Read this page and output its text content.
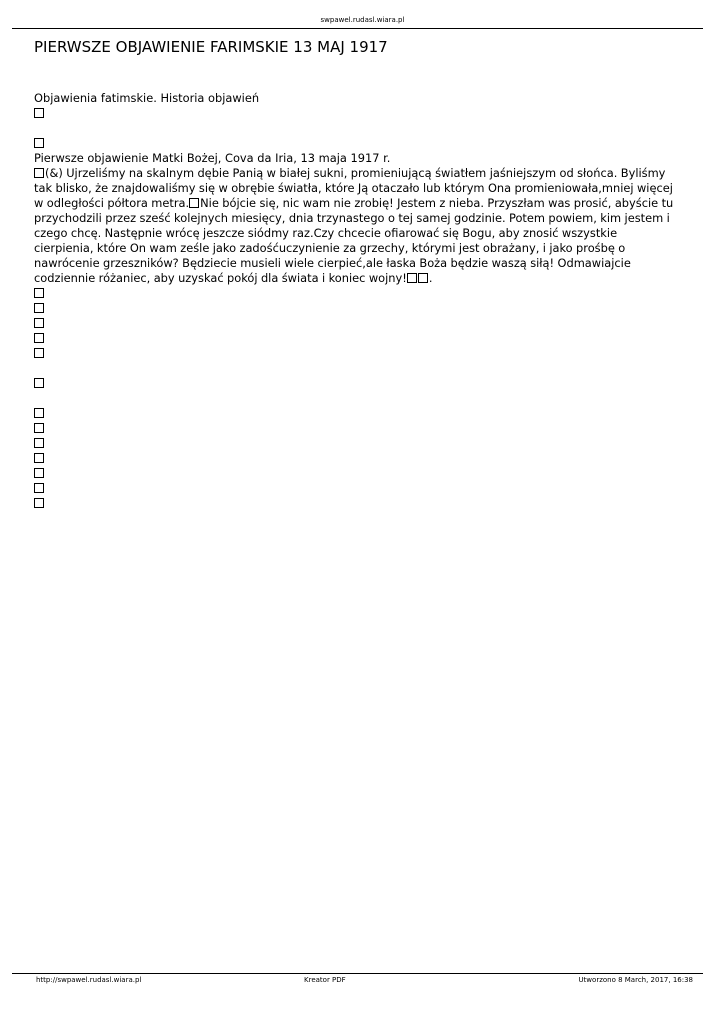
swpawel.rudasl.wiara.pl
PIERWSZE OBJAWIENIE FARIMSKIE 13 MAJ 1917
Objawienia fatimskie. Historia objawień
Pierwsze objawienie Matki Bożej, Cova da Iria, 13 maja 1917 r.
(&) Ujrzeliśmy na skalnym dębie Panią w białej sukni, promieniującą światłem jaśniejszym od słońca. Byliśmy tak blisko, że znajdowaliśmy się w obrębie światła, które Ją otaczało lub którym Ona promieniowała,mniej więcej w odległości półtora metra. Nie bójcie się, nic wam nie zrobię! Jestem z nieba. Przyszłam was prosić, abyście tu przychodzili przez sześć kolejnych miesięcy, dnia trzynastego o tej samej godzinie. Potem powiem, kim jestem i czego chcę. Następnie wrócę jeszcze siódmy raz.Czy chcecie ofiarować się Bogu, aby znosić wszystkie cierpienia, które On wam ześle jako zadośćuczynienie za grzechy, którymi jest obrażany, i jako prośbę o nawrócenie grzeszników? Będziecie musieli wiele cierpieć,ale łaska Boża będzie waszą siłą! Odmawiajcie codziennie różaniec, aby uzyskać pokój dla świata i koniec wojny! .
http://swpawel.rudasl.wiara.pl	Kreator PDF	Utworzono 8 March, 2017, 16:38
